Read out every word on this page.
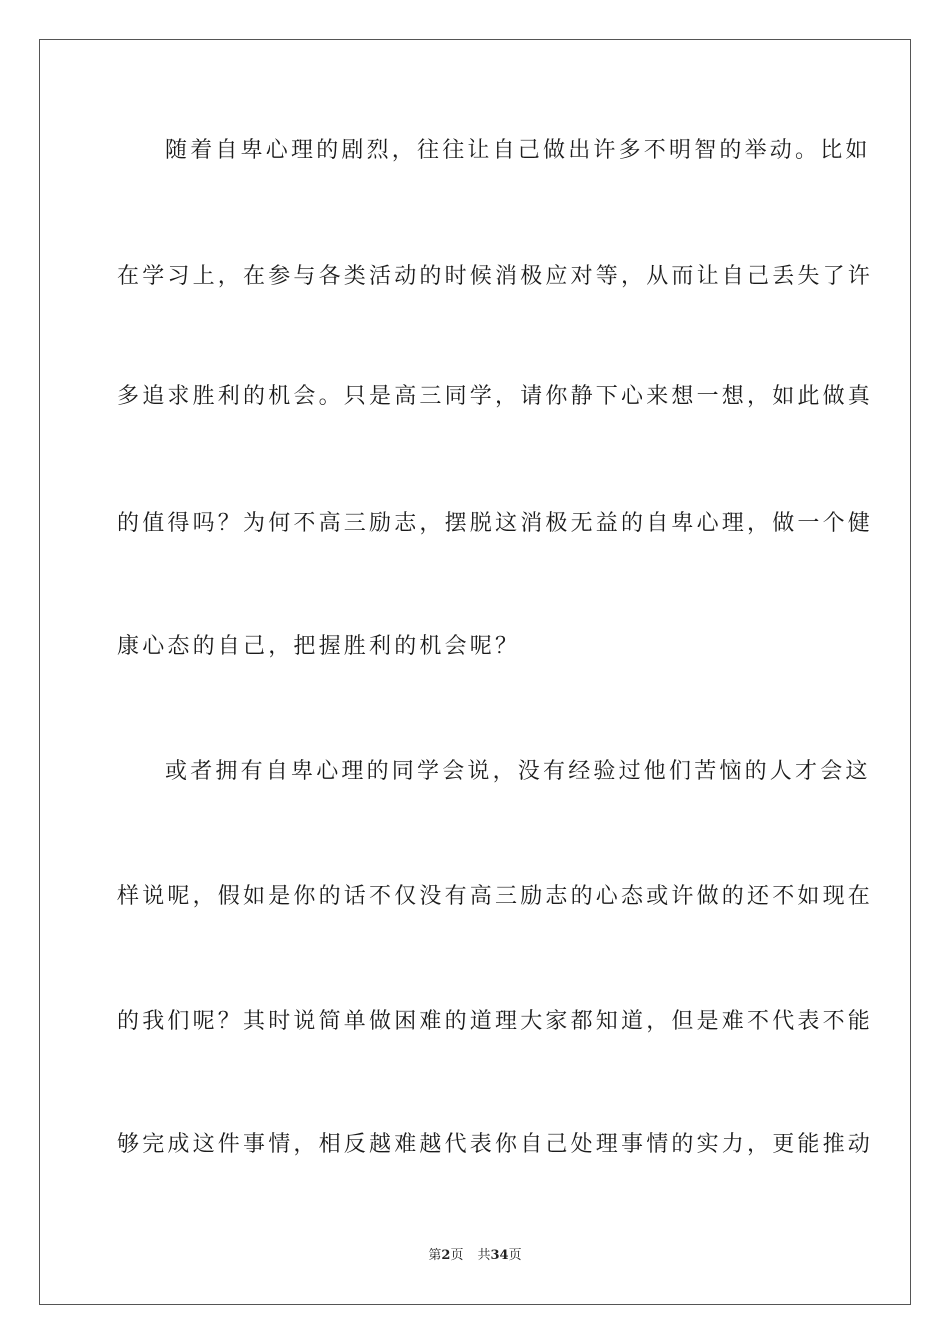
随着自卑心理的剧烈，往往让自己做出许多不明智的举动。比如
在学习上，在参与各类活动的时候消极应对等，从而让自己丢失了许
多追求胜利的机会。只是高三同学，请你静下心来想一想，如此做真
的值得吗？为何不高三励志，摆脱这消极无益的自卑心理，做一个健
康心态的自己，把握胜利的机会呢？
或者拥有自卑心理的同学会说，没有经验过他们苦恼的人才会这
样说呢，假如是你的话不仅没有高三励志的心态或许做的还不如现在
的我们呢？其时说简单做困难的道理大家都知道，但是难不代表不能
够完成这件事情，相反越难越代表你自己处理事情的实力，更能推动
第2页 共34页
